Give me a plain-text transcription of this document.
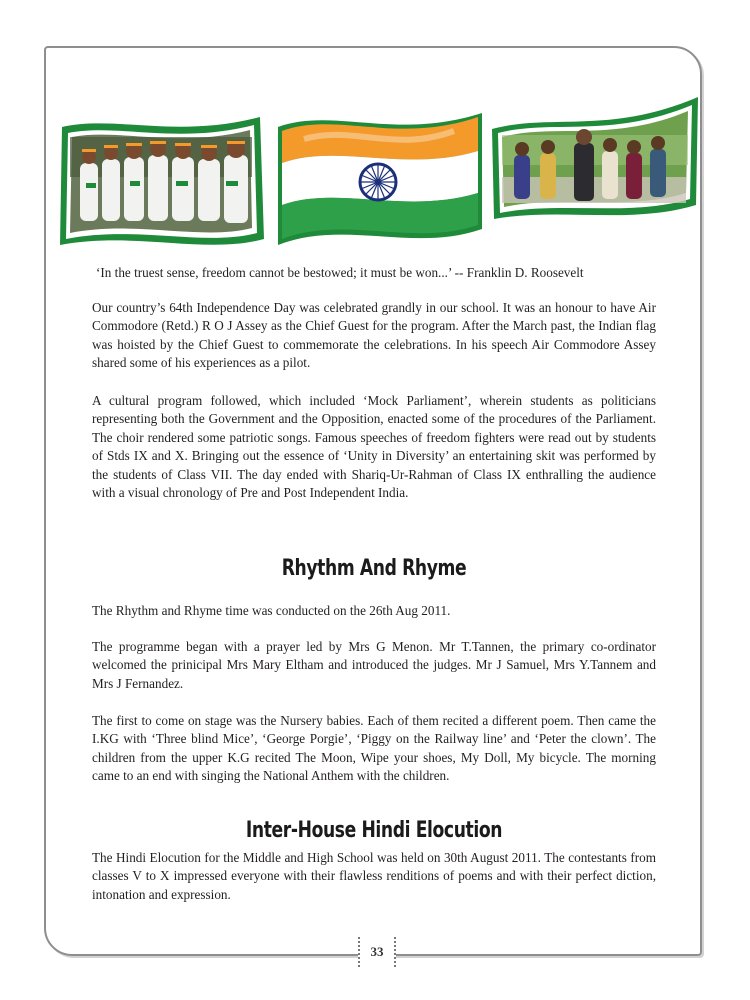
‘In the truest sense, freedom cannot be bestowed; it must be won...’ -- Franklin D. Roosevelt

Our country’s 64th Independence Day was celebrated grandly in our school. It was an honour to have Air Commodore (Retd.) R O J Assey as the Chief Guest for the program. After the March past, the Indian flag was hoisted by the Chief Guest to commemorate the celebrations. In his speech Air Commodore Assey shared some of his experiences as a pilot.

A cultural program followed, which included ‘Mock Parliament’, wherein students as politicians representing both the Government and the Opposition, enacted some of the procedures of the Parliament. The choir rendered some patriotic songs. Famous speeches of freedom fighters were read out by students of Stds IX and X. Bringing out the essence of ‘Unity in Diversity’ an entertaining skit was performed by the students of Class VII. The day ended with Shariq-Ur-Rahman of Class IX enthralling the audience with a visual chronology of Pre and Post Independent India.

Rhythm And Rhyme

The Rhythm and Rhyme time was conducted on the 26th Aug 2011.

The programme began with a prayer led by Mrs G Menon. Mr T.Tannen, the primary co-ordinator welcomed the prinicipal Mrs Mary Eltham and introduced the judges. Mr J Samuel, Mrs Y.Tannem and Mrs J Fernandez.

The first to come on stage was the Nursery babies. Each of them recited a different poem. Then came the I.KG with ‘Three blind Mice’, ‘George Porgie’, ‘Piggy on the Railway line’ and ‘Peter the clown’. The children from the upper K.G recited The Moon, Wipe your shoes, My Doll, My bicycle. The morning came to an end with singing the National Anthem with the children.

Inter-House Hindi Elocution

The Hindi Elocution for the Middle and High School was held on 30th August 2011. The contestants from classes V to X impressed everyone with their flawless renditions of poems and with their perfect diction, intonation and expression.

33
